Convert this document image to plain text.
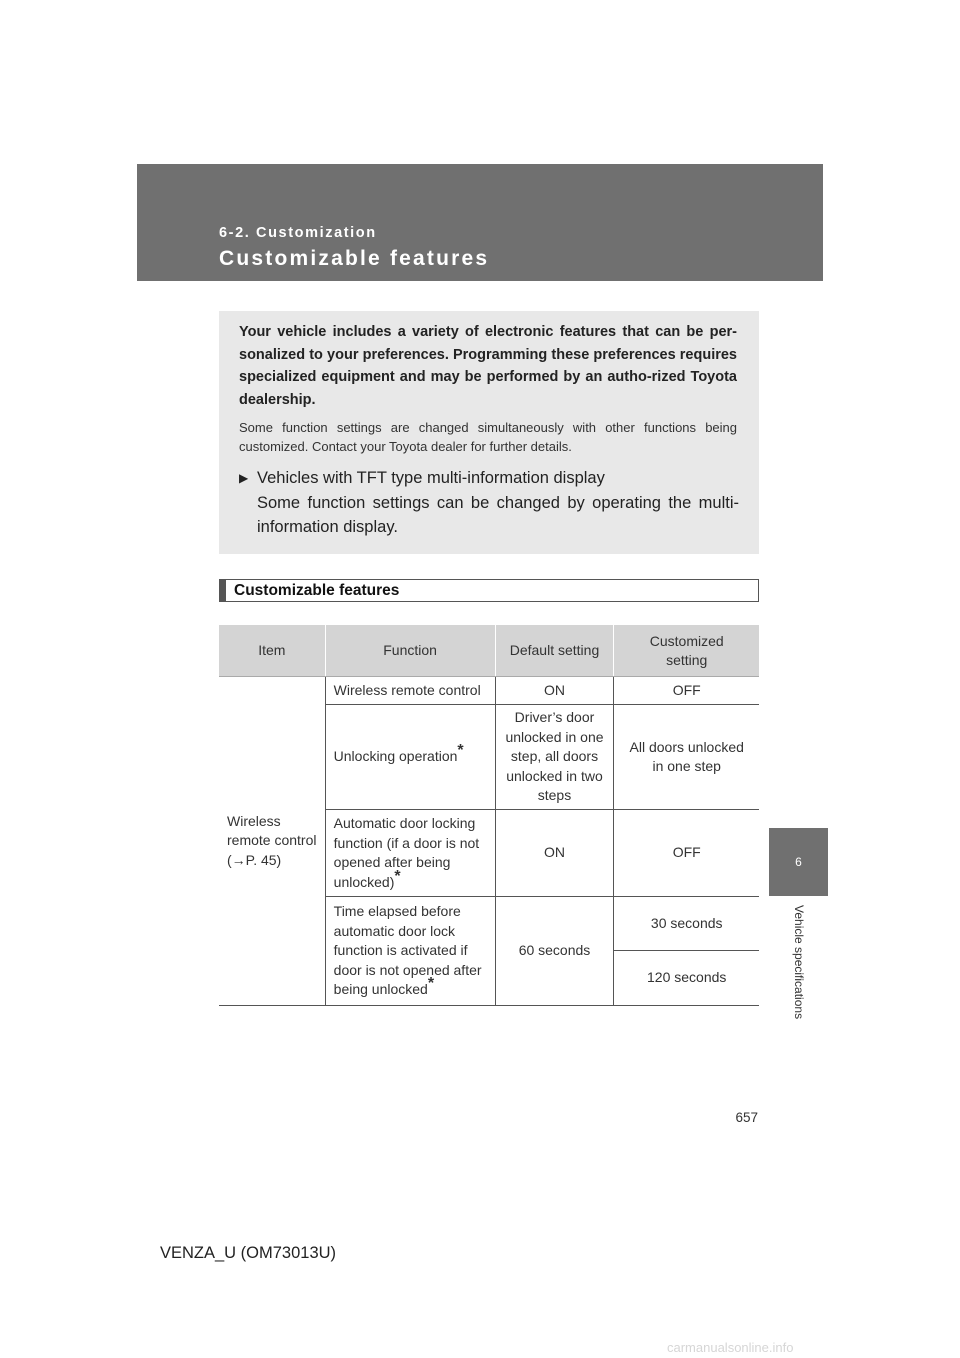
6-2. Customization
Customizable features
6
Vehicle specifications
Your vehicle includes a variety of electronic features that can be per-sonalized to your preferences. Programming these preferences requires specialized equipment and may be performed by an autho-rized Toyota dealership.
Some function settings are changed simultaneously with other functions being customized. Contact your Toyota dealer for further details.
▶ Vehicles with TFT type multi-information display
Some function settings can be changed by operating the multi-information display.
Customizable features
Item	Function	Default setting	Customized setting
Wireless remote control (→P. 45)	Wireless remote control	ON	OFF
	Unlocking operation*	Driver’s door unlocked in one step, all doors unlocked in two steps	All doors unlocked in one step
	Automatic door locking function (if a door is not opened after being unlocked)*	ON	OFF
	Time elapsed before automatic door lock function is activated if door is not opened after being unlocked*	60 seconds	30 seconds
			120 seconds
657
VENZA_U (OM73013U)
carmanualsonline.info
